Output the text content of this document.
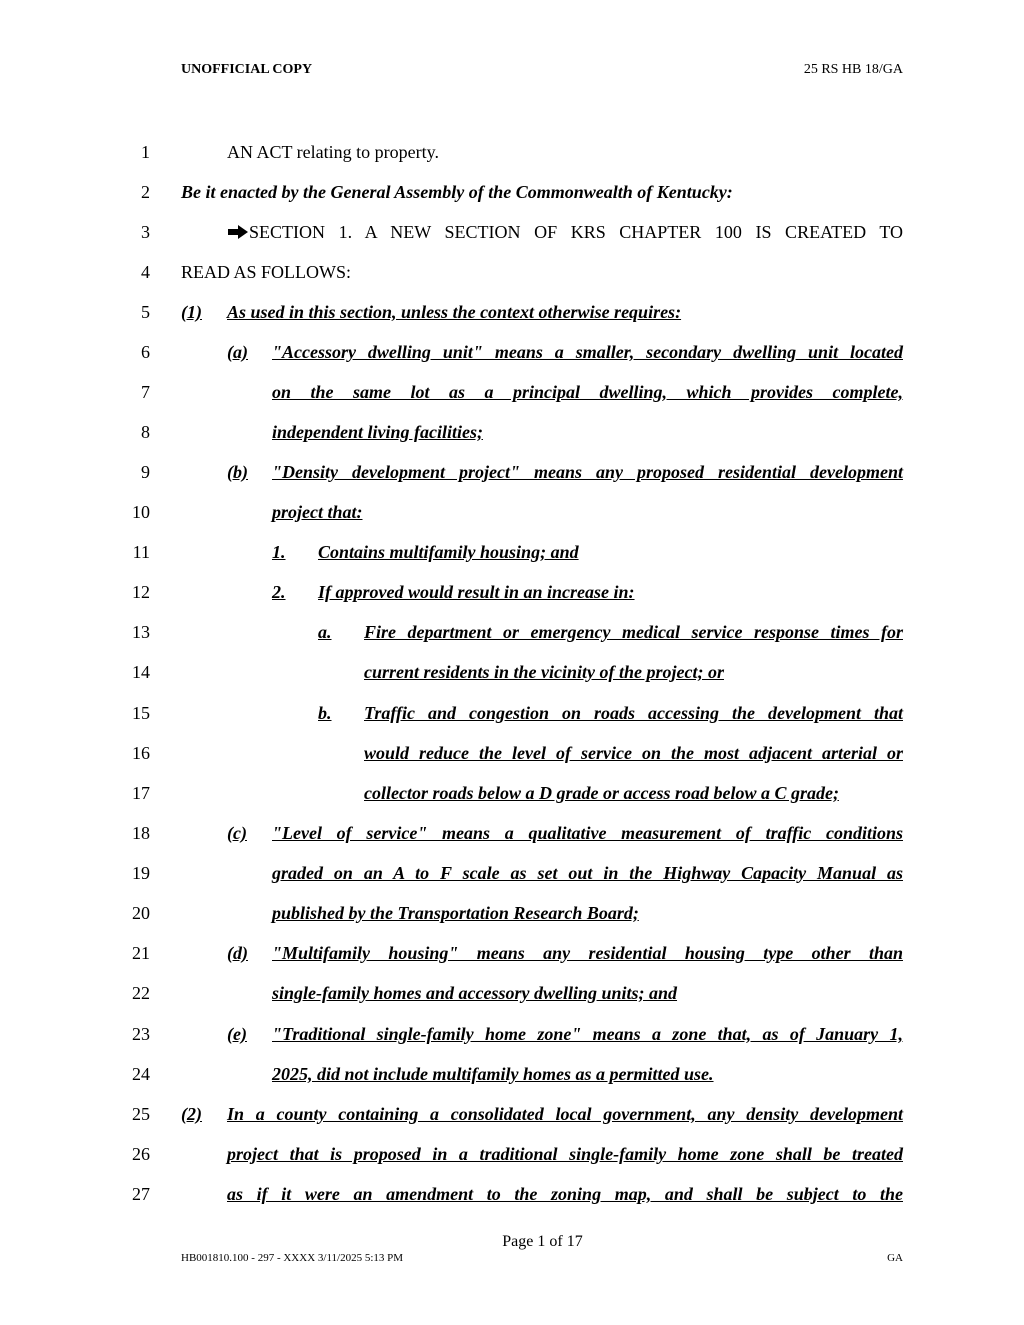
UNOFFICIAL COPY	25 RS HB 18/GA
1	AN ACT relating to property.
2 Be it enacted by the General Assembly of the Commonwealth of Kentucky:
3	SECTION 1. A NEW SECTION OF KRS CHAPTER 100 IS CREATED TO
4 READ AS FOLLOWS:
5 (1)	As used in this section, unless the context otherwise requires:
6	(a)	"Accessory dwelling unit" means a smaller, secondary dwelling unit located
7	on the same lot as a principal dwelling, which provides complete,
8	independent living facilities;
9	(b)	"Density development project" means any proposed residential development
10	project that:
11	1.	Contains multifamily housing; and
12	2.	If approved would result in an increase in:
13	a.	Fire department or emergency medical service response times for
14	current residents in the vicinity of the project; or
15	b.	Traffic and congestion on roads accessing the development that
16	would reduce the level of service on the most adjacent arterial or
17	collector roads below a D grade or access road below a C grade;
18	(c)	"Level of service" means a qualitative measurement of traffic conditions
19	graded on an A to F scale as set out in the Highway Capacity Manual as
20	published by the Transportation Research Board;
21	(d)	"Multifamily housing" means any residential housing type other than
22	single-family homes and accessory dwelling units; and
23	(e)	"Traditional single-family home zone" means a zone that, as of January 1,
24	2025, did not include multifamily homes as a permitted use.
25 (2)	In a county containing a consolidated local government, any density development
26	project that is proposed in a traditional single-family home zone shall be treated
27	as if it were an amendment to the zoning map, and shall be subject to the
Page 1 of 17
HB001810.100 - 297 - XXXX 3/11/2025 5:13 PM	GA
